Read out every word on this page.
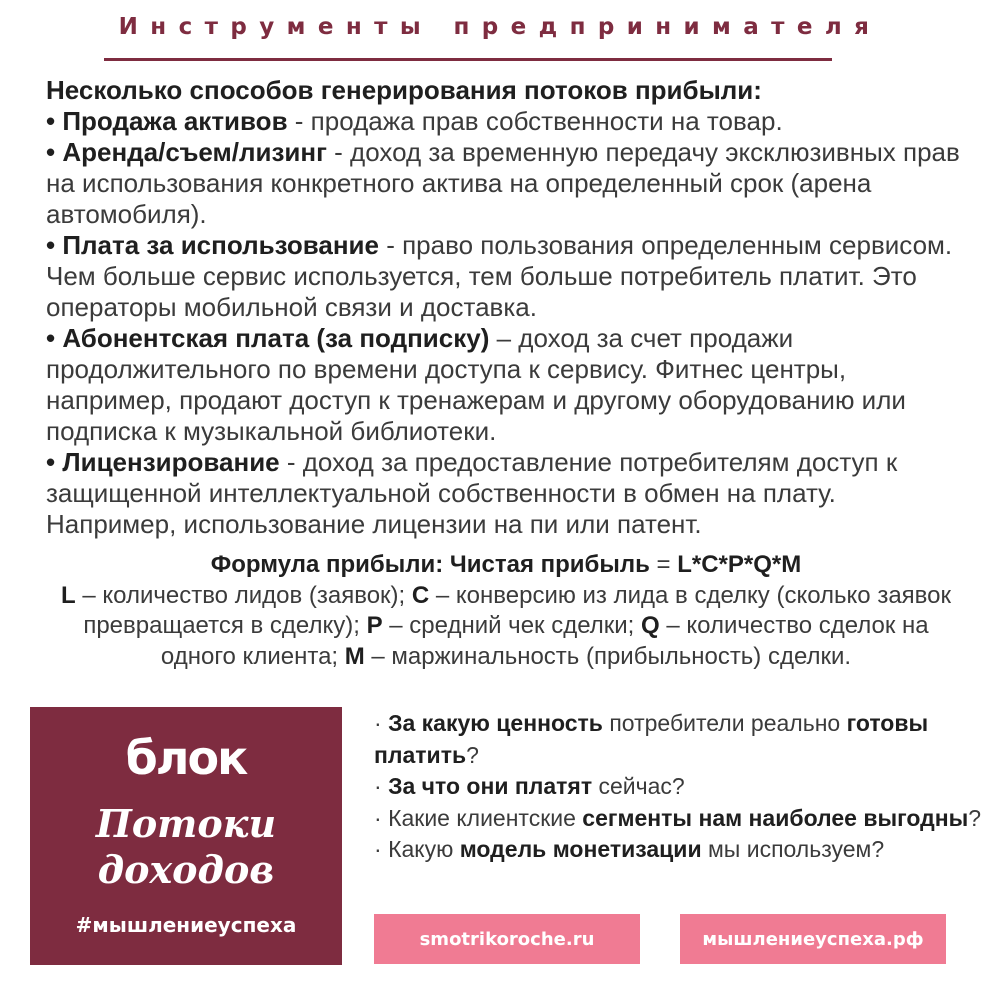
Инструменты предпринимателя

Несколько способов генерирования потоков прибыли:

• Продажа активов - продажа прав собственности на товар.

• Аренда/съем/лизинг - доход за временную передачу эксклюзивных прав на использования конкретного актива на определенный срок (арена автомобиля).

• Плата за использование - право пользования определенным сервисом. Чем больше сервис используется, тем больше потребитель платит. Это операторы мобильной связи и доставка.

• Абонентская плата (за подписку) – доход за счет продажи продолжительного по времени доступа к сервису. Фитнес центры, например, продают доступ к тренажерам и другому оборудованию или подписка к музыкальной библиотеки.

• Лицензирование - доход за предоставление потребителям доступ к защищенной интеллектуальной собственности в обмен на плату. Например, использование лицензии на пи или патент.

Формула прибыли: Чистая прибыль = L*C*P*Q*M

L – количество лидов (заявок); C – конверсию из лида в сделку (сколько заявок превращается в сделку); P – средний чек сделки; Q – количество сделок на одного клиента; M – маржинальность (прибыльность) сделки.

блок
Потоки
доходов
#мышлениеуспеха

· За какую ценность потребители реально готовы платить?

· За что они платят сейчас?

· Какие клиентские сегменты нам наиболее выгодны?

· Какую модель монетизации мы используем?

smotrikoroche.ru	мышлениеуспеха.рф
